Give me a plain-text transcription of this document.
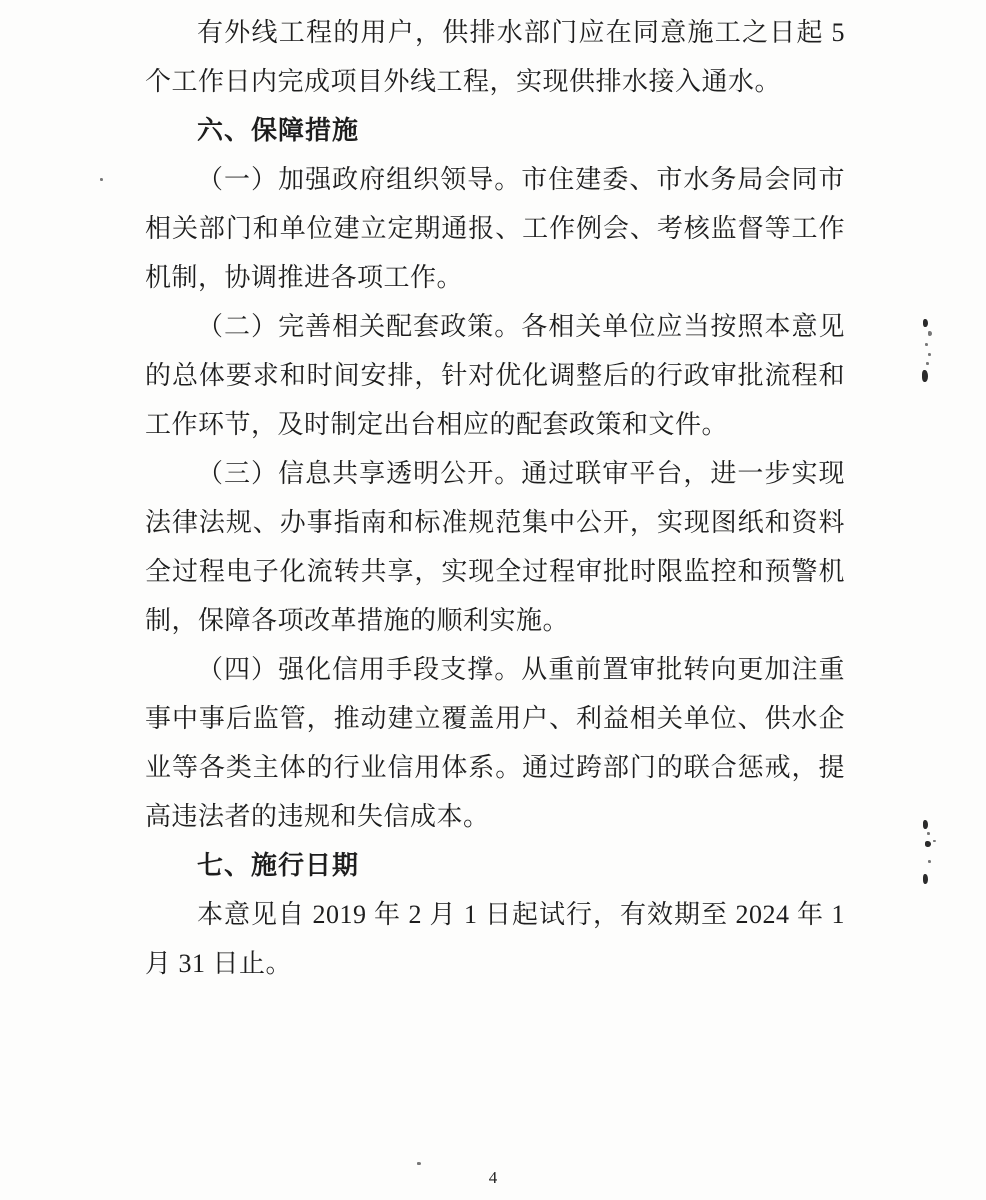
有外线工程的用户，供排水部门应在同意施工之日起 5 个工作日内完成项目外线工程，实现供排水接入通水。

六、保障措施

（一）加强政府组织领导。市住建委、市水务局会同市相关部门和单位建立定期通报、工作例会、考核监督等工作机制，协调推进各项工作。

（二）完善相关配套政策。各相关单位应当按照本意见的总体要求和时间安排，针对优化调整后的行政审批流程和工作环节，及时制定出台相应的配套政策和文件。

（三）信息共享透明公开。通过联审平台，进一步实现法律法规、办事指南和标准规范集中公开，实现图纸和资料全过程电子化流转共享，实现全过程审批时限监控和预警机制，保障各项改革措施的顺利实施。

（四）强化信用手段支撑。从重前置审批转向更加注重事中事后监管，推动建立覆盖用户、利益相关单位、供水企业等各类主体的行业信用体系。通过跨部门的联合惩戒，提高违法者的违规和失信成本。

七、施行日期

本意见自 2019 年 2 月 1 日起试行，有效期至 2024 年 1 月 31 日止。

4
